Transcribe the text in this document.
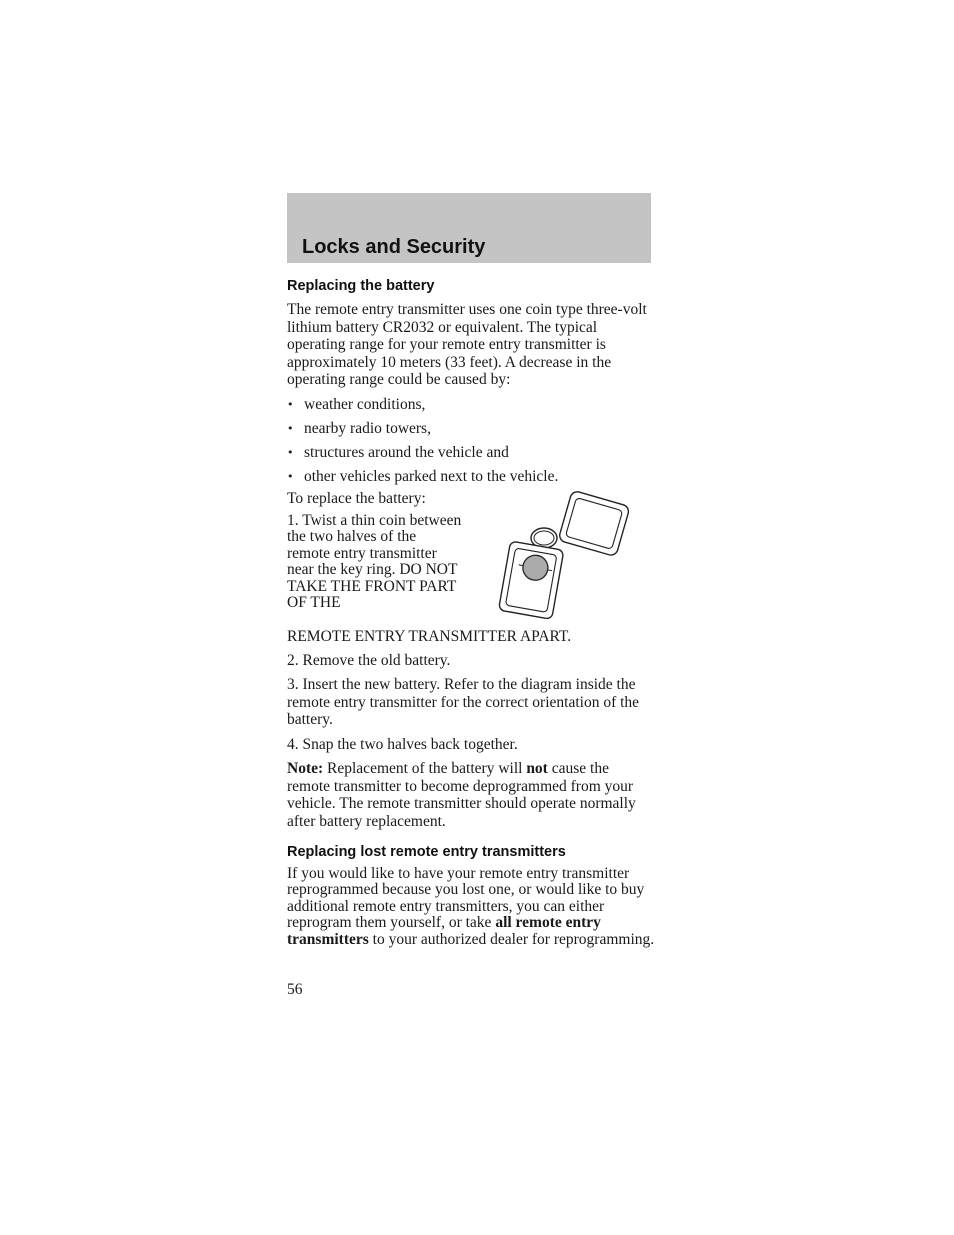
Locks and Security
Replacing the battery
The remote entry transmitter uses one coin type three-volt lithium battery CR2032 or equivalent. The typical operating range for your remote entry transmitter is approximately 10 meters (33 feet). A decrease in the operating range could be caused by:
• weather conditions,
• nearby radio towers,
• structures around the vehicle and
• other vehicles parked next to the vehicle.
To replace the battery:
1. Twist a thin coin between the two halves of the remote entry transmitter near the key ring. DO NOT TAKE THE FRONT PART OF THE
REMOTE ENTRY TRANSMITTER APART.
2. Remove the old battery.
3. Insert the new battery. Refer to the diagram inside the remote entry transmitter for the correct orientation of the battery.
4. Snap the two halves back together.
Note: Replacement of the battery will not cause the remote transmitter to become deprogrammed from your vehicle. The remote transmitter should operate normally after battery replacement.
Replacing lost remote entry transmitters
If you would like to have your remote entry transmitter reprogrammed because you lost one, or would like to buy additional remote entry transmitters, you can either reprogram them yourself, or take all remote entry transmitters to your authorized dealer for reprogramming.
56
